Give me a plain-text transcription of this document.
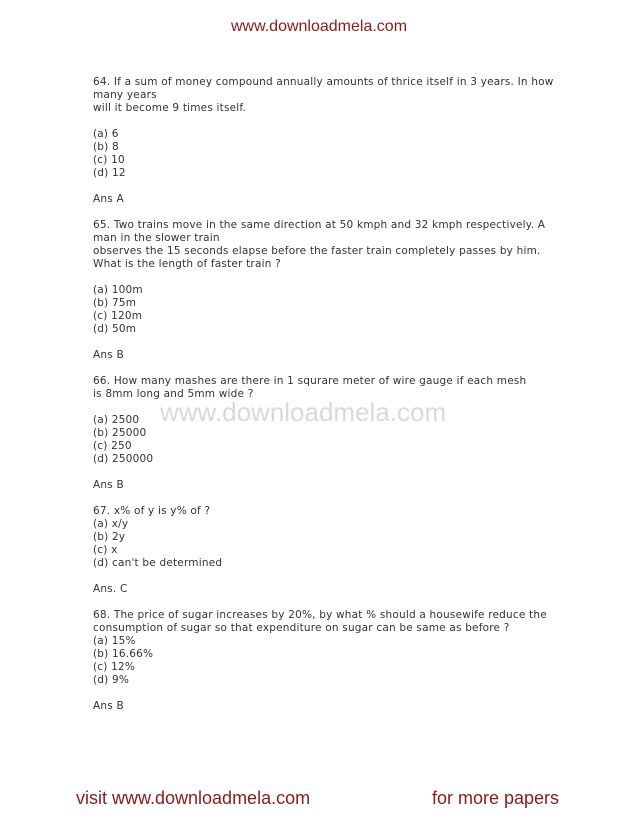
www.downloadmela.com
64. If a sum of money compound annually amounts of thrice itself in 3 years. In how
many years
will it become 9 times itself.
(a) 6
(b) 8
(c) 10
(d) 12
Ans A
65. Two trains move in the same direction at 50 kmph and 32 kmph respectively. A
man in the slower train
observes the 15 seconds elapse before the faster train completely passes by him.
What is the length of faster train ?
(a) 100m
(b) 75m
(c) 120m
(d) 50m
Ans B
66. How many mashes are there in 1 squrare meter of wire gauge if each mesh
is 8mm long and 5mm wide ?
(a) 2500
(b) 25000
(c) 250
(d) 250000
Ans B
67. x% of y is y% of ?
(a) x/y
(b) 2y
(c) x
(d) can't be determined
Ans. C
68. The price of sugar increases by 20%, by what % should a housewife reduce the
consumption of sugar so that expenditure on sugar can be same as before ?
(a) 15%
(b) 16.66%
(c) 12%
(d) 9%
Ans B
www.downloadmela.com
visit www.downloadmela.com	for more papers
